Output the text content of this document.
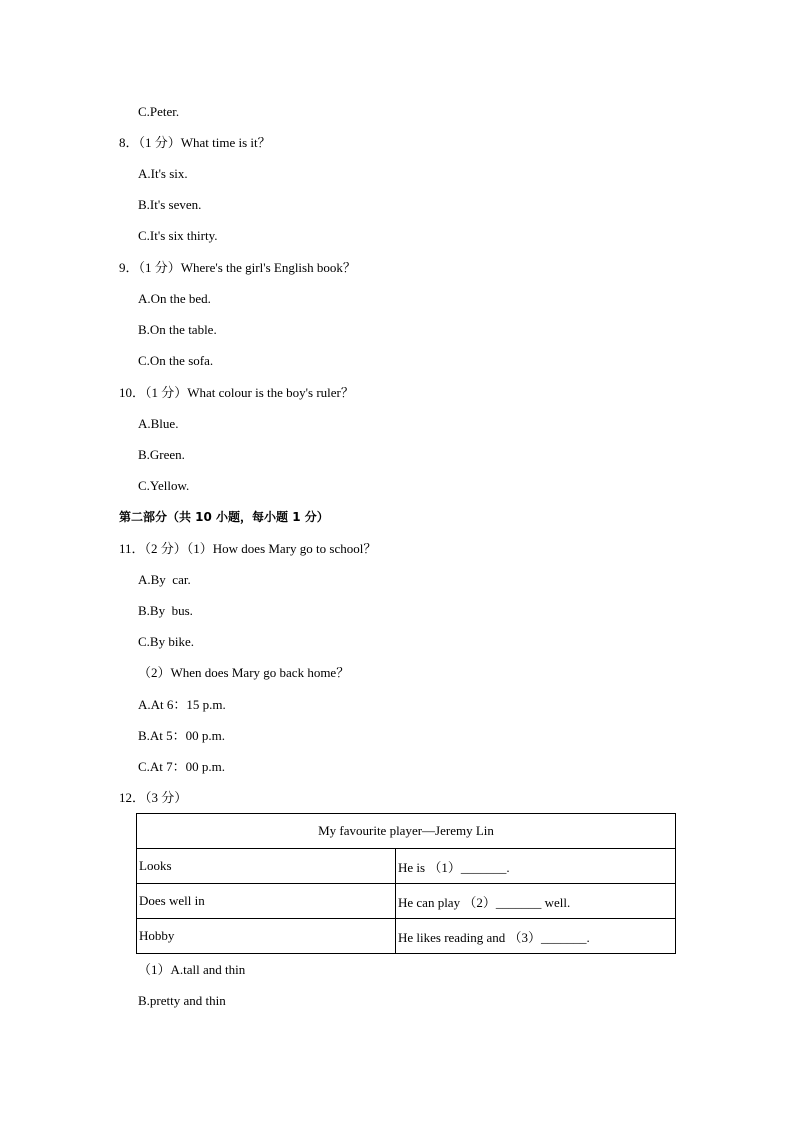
C.Peter.
8．（1 分）What time is it？
A.It's six.
B.It's seven.
C.It's six thirty.
9．（1 分）Where's the girl's English book？
A.On the bed.
B.On the table.
C.On the sofa.
10．（1 分）What colour is the boy's ruler？
A.Blue.
B.Green.
C.Yellow.
第二部分（共 10 小题，每小题 1 分）
11．（2 分）（1）How does Mary go to school？
A.By  car.
B.By  bus.
C.By bike.
（2）When does Mary go back home？
A.At 6：15 p.m.
B.At 5：00 p.m.
C.At 7：00 p.m.
12．（3 分）
My favourite player—Jeremy Lin	
Looks	He is （1）_______.
Does well in	He can play （2）_______ well.
Hobby	He likes reading and （3）_______.
（1）A.tall and thin
B.pretty and thin
